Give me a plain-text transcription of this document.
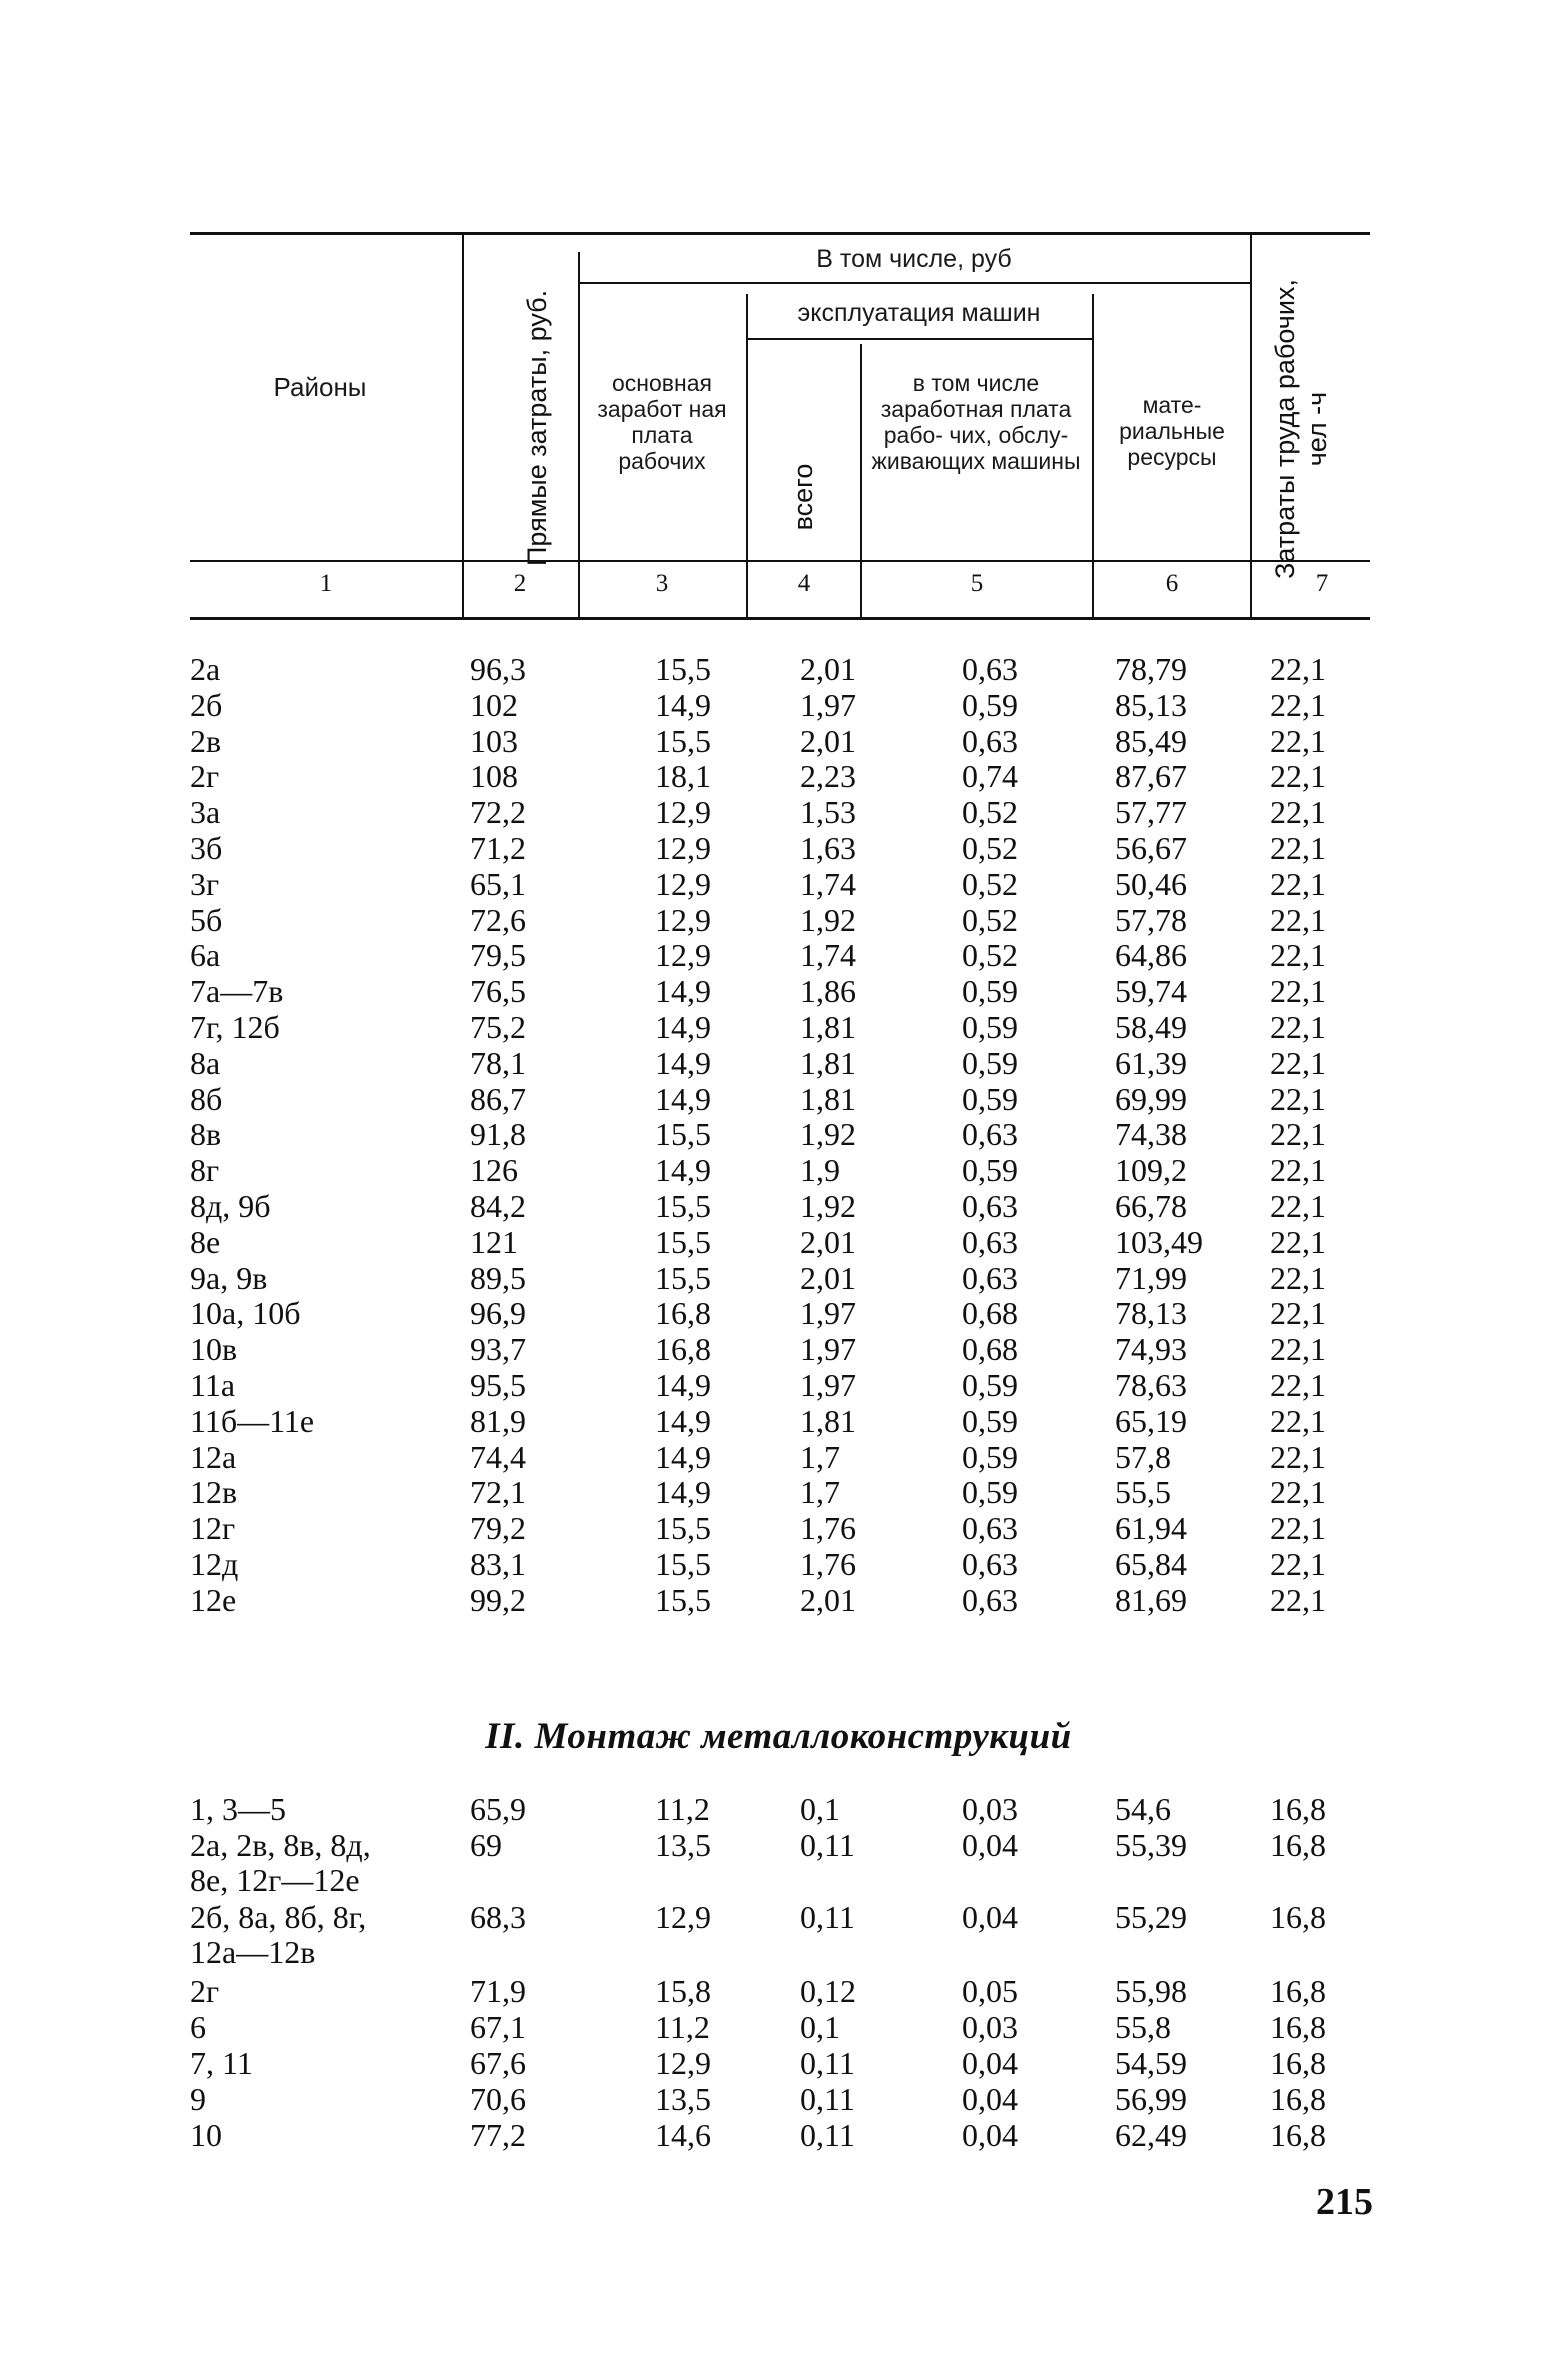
Районы	Прямые затраты, руб.
В том числе, руб
эксплуатация машин
основная заработ ная плата рабочих
всего
в том числе заработная плата рабо- чих, обслу- живающих машины
мате- риальные ресурсы	Затраты труда рабочих, чел -ч
1	2	3	4	5	6	7
2а	96,3	15,5	2,01	0,63	78,79	22,1
2б	102	14,9	1,97	0,59	85,13	22,1
2в	103	15,5	2,01	0,63	85,49	22,1
2г	108	18,1	2,23	0,74	87,67	22,1
3а	72,2	12,9	1,53	0,52	57,77	22,1
3б	71,2	12,9	1,63	0,52	56,67	22,1
3г	65,1	12,9	1,74	0,52	50,46	22,1
5б	72,6	12,9	1,92	0,52	57,78	22,1
6а	79,5	12,9	1,74	0,52	64,86	22,1
7а—7в	76,5	14,9	1,86	0,59	59,74	22,1
7г, 12б	75,2	14,9	1,81	0,59	58,49	22,1
8а	78,1	14,9	1,81	0,59	61,39	22,1
8б	86,7	14,9	1,81	0,59	69,99	22,1
8в	91,8	15,5	1,92	0,63	74,38	22,1
8г	126	14,9	1,9	0,59	109,2	22,1
8д, 9б	84,2	15,5	1,92	0,63	66,78	22,1
8е	121	15,5	2,01	0,63	103,49 22,1
9а, 9в	89,5	15,5	2,01	0,63	71,99	22,1
10а, 10б	96,9	16,8	1,97	0,68	78,13	22,1
10в	93,7	16,8	1,97	0,68	74,93	22,1
11а	95,5	14,9	1,97	0,59	78,63	22,1
11б—11е	81,9	14,9	1,81	0,59	65,19	22,1
12а	74,4	14,9	1,7	0,59	57,8	22,1
12в	72,1	14,9	1,7	0,59	55,5	22,1
12г	79,2	15,5	1,76	0,63	61,94	22,1
12д	83,1	15,5	1,76	0,63	65,84	22,1
12е	99,2	15,5	2,01	0,63	81,69	22,1
II. Монтаж металлоконструкций
1, 3—5	65,9	11,2	0,1	0,03	54,6	16,8
2а, 2в, 8в, 8д,	69	13,5	0,11	0,04	55,39	16,8
8е, 12г—12е
2б, 8а, 8б, 8г,	68,3	12,9	0,11	0,04	55,29	16,8
12а—12в
2г	71,9	15,8	0,12	0,05	55,98	16,8
6	67,1	11,2	0,1	0,03	55,8	16,8
7, 11	67,6	12,9	0,11	0,04	54,59	16,8
9	70,6	13,5	0,11	0,04	56,99	16,8
10	77,2	14,6	0,11	0,04	62,49	16,8
215
